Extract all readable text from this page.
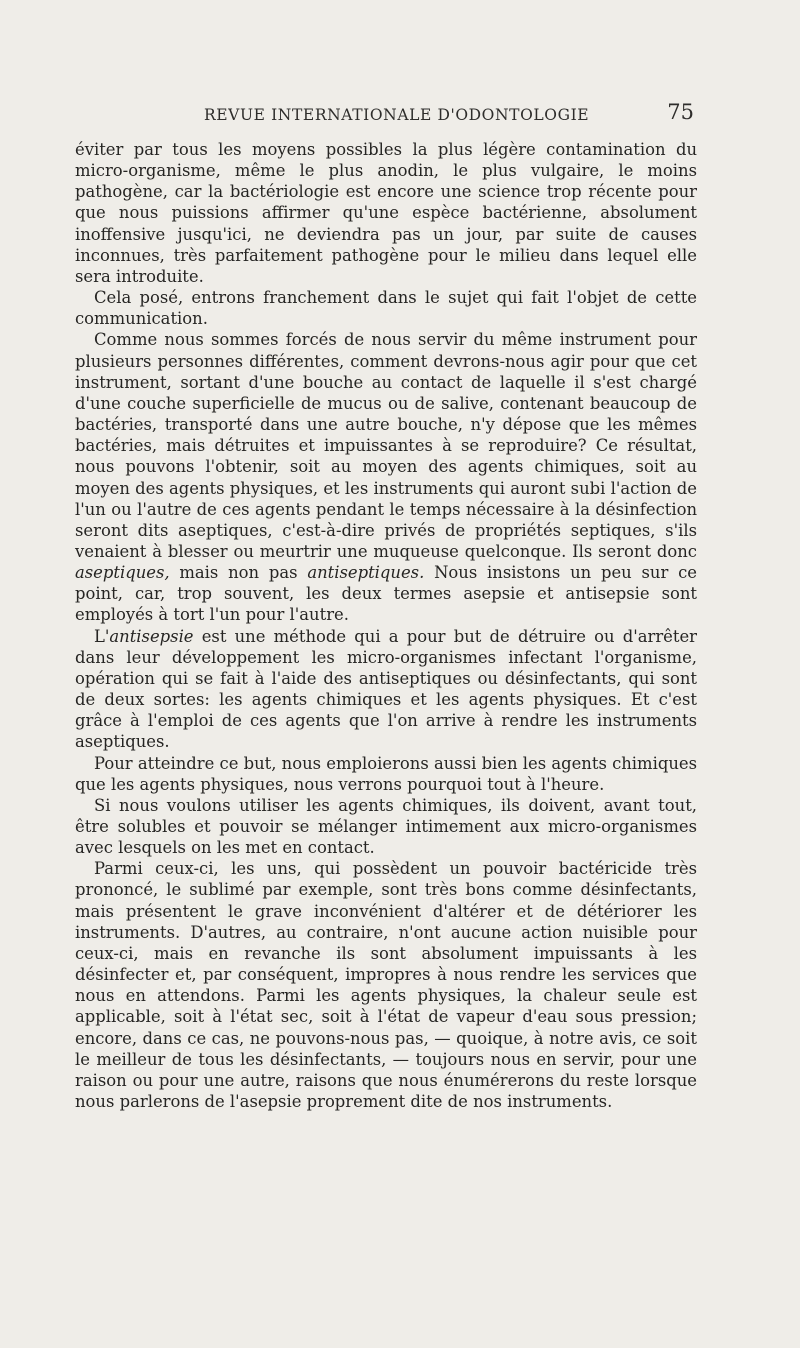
REVUE INTERNATIONALE D'ODONTOLOGIE	75

éviter par tous les moyens possibles la plus légère contamination du micro-organisme, même le plus anodin, le plus vulgaire, le moins pathogène, car la bactériologie est encore une science trop récente pour que nous puissions affirmer qu'une espèce bactérienne, absolument inoffensive jusqu'ici, ne deviendra pas un jour, par suite de causes inconnues, très parfaitement pathogène pour le milieu dans lequel elle sera introduite.

Cela posé, entrons franchement dans le sujet qui fait l'objet de cette communication.

Comme nous sommes forcés de nous servir du même instrument pour plusieurs personnes différentes, comment devrons-nous agir pour que cet instrument, sortant d'une bouche au contact de laquelle il s'est chargé d'une couche superficielle de mucus ou de salive, contenant beaucoup de bactéries, transporté dans une autre bouche, n'y dépose que les mêmes bactéries, mais détruites et impuissantes à se reproduire? Ce résultat, nous pouvons l'obtenir, soit au moyen des agents chimiques, soit au moyen des agents physiques, et les instruments qui auront subi l'action de l'un ou l'autre de ces agents pendant le temps nécessaire à la désinfection seront dits aseptiques, c'est-à-dire privés de propriétés septiques, s'ils venaient à blesser ou meurtrir une muqueuse quelconque. Ils seront donc aseptiques, mais non pas antiseptiques. Nous insistons un peu sur ce point, car, trop souvent, les deux termes asepsie et antisepsie sont employés à tort l'un pour l'autre.

L'antisepsie est une méthode qui a pour but de détruire ou d'arrêter dans leur développement les micro-organismes infectant l'organisme, opération qui se fait à l'aide des antiseptiques ou désinfectants, qui sont de deux sortes: les agents chimiques et les agents physiques. Et c'est grâce à l'emploi de ces agents que l'on arrive à rendre les instruments aseptiques.

Pour atteindre ce but, nous emploierons aussi bien les agents chimiques que les agents physiques, nous verrons pourquoi tout à l'heure.

Si nous voulons utiliser les agents chimiques, ils doivent, avant tout, être solubles et pouvoir se mélanger intimement aux micro-organismes avec lesquels on les met en contact.

Parmi ceux-ci, les uns, qui possèdent un pouvoir bactéricide très prononcé, le sublimé par exemple, sont très bons comme désinfectants, mais présentent le grave inconvénient d'altérer et de détériorer les instruments. D'autres, au contraire, n'ont aucune action nuisible pour ceux-ci, mais en revanche ils sont absolument impuissants à les désinfecter et, par conséquent, impropres à nous rendre les services que nous en attendons. Parmi les agents physiques, la chaleur seule est applicable, soit à l'état sec, soit à l'état de vapeur d'eau sous pression; encore, dans ce cas, ne pouvons-nous pas, — quoique, à notre avis, ce soit le meilleur de tous les désinfectants, — toujours nous en servir, pour une raison ou pour une autre, raisons que nous énumérerons du reste lorsque nous parlerons de l'asepsie proprement dite de nos instruments.
